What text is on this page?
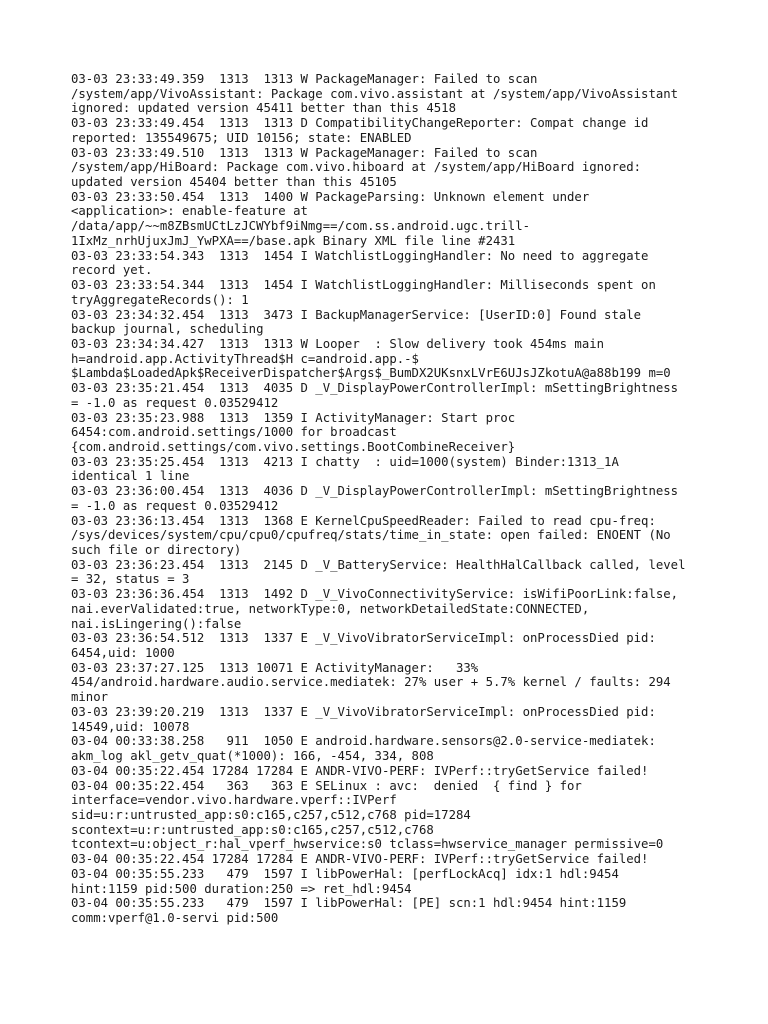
03-03 23:33:49.359  1313  1313 W PackageManager: Failed to scan
/system/app/VivoAssistant: Package com.vivo.assistant at /system/app/VivoAssistant
ignored: updated version 45411 better than this 4518
03-03 23:33:49.454  1313  1313 D CompatibilityChangeReporter: Compat change id
reported: 135549675; UID 10156; state: ENABLED
03-03 23:33:49.510  1313  1313 W PackageManager: Failed to scan
/system/app/HiBoard: Package com.vivo.hiboard at /system/app/HiBoard ignored:
updated version 45404 better than this 45105
03-03 23:33:50.454  1313  1400 W PackageParsing: Unknown element under
<application>: enable-feature at
/data/app/~~m8ZBsmUCtLzJCWYbf9iNmg==/com.ss.android.ugc.trill-
1IxMz_nrhUjuxJmJ_YwPXA==/base.apk Binary XML file line #2431
03-03 23:33:54.343  1313  1454 I WatchlistLoggingHandler: No need to aggregate
record yet.
03-03 23:33:54.344  1313  1454 I WatchlistLoggingHandler: Milliseconds spent on
tryAggregateRecords(): 1
03-03 23:34:32.454  1313  3473 I BackupManagerService: [UserID:0] Found stale
backup journal, scheduling
03-03 23:34:34.427  1313  1313 W Looper  : Slow delivery took 454ms main
h=android.app.ActivityThread$H c=android.app.-$
$Lambda$LoadedApk$ReceiverDispatcher$Args$_BumDX2UKsnxLVrE6UJsJZkotuA@a88b199 m=0
03-03 23:35:21.454  1313  4035 D _V_DisplayPowerControllerImpl: mSettingBrightness
= -1.0 as request 0.03529412
03-03 23:35:23.988  1313  1359 I ActivityManager: Start proc
6454:com.android.settings/1000 for broadcast
{com.android.settings/com.vivo.settings.BootCombineReceiver}
03-03 23:35:25.454  1313  4213 I chatty  : uid=1000(system) Binder:1313_1A
identical 1 line
03-03 23:36:00.454  1313  4036 D _V_DisplayPowerControllerImpl: mSettingBrightness
= -1.0 as request 0.03529412
03-03 23:36:13.454  1313  1368 E KernelCpuSpeedReader: Failed to read cpu-freq:
/sys/devices/system/cpu/cpu0/cpufreq/stats/time_in_state: open failed: ENOENT (No
such file or directory)
03-03 23:36:23.454  1313  2145 D _V_BatteryService: HealthHalCallback called, level
= 32, status = 3
03-03 23:36:36.454  1313  1492 D _V_VivoConnectivityService: isWifiPoorLink:false,
nai.everValidated:true, networkType:0, networkDetailedState:CONNECTED,
nai.isLingering():false
03-03 23:36:54.512  1313  1337 E _V_VivoVibratorServiceImpl: onProcessDied pid:
6454,uid: 1000
03-03 23:37:27.125  1313 10071 E ActivityManager:   33%
454/android.hardware.audio.service.mediatek: 27% user + 5.7% kernel / faults: 294
minor
03-03 23:39:20.219  1313  1337 E _V_VivoVibratorServiceImpl: onProcessDied pid:
14549,uid: 10078
03-04 00:33:38.258   911  1050 E android.hardware.sensors@2.0-service-mediatek:
akm_log akl_getv_quat(*1000): 166, -454, 334, 808
03-04 00:35:22.454 17284 17284 E ANDR-VIVO-PERF: IVPerf::tryGetService failed!
03-04 00:35:22.454   363   363 E SELinux : avc:  denied  { find } for
interface=vendor.vivo.hardware.vperf::IVPerf
sid=u:r:untrusted_app:s0:c165,c257,c512,c768 pid=17284
scontext=u:r:untrusted_app:s0:c165,c257,c512,c768
tcontext=u:object_r:hal_vperf_hwservice:s0 tclass=hwservice_manager permissive=0
03-04 00:35:22.454 17284 17284 E ANDR-VIVO-PERF: IVPerf::tryGetService failed!
03-04 00:35:55.233   479  1597 I libPowerHal: [perfLockAcq] idx:1 hdl:9454
hint:1159 pid:500 duration:250 => ret_hdl:9454
03-04 00:35:55.233   479  1597 I libPowerHal: [PE] scn:1 hdl:9454 hint:1159
comm:vperf@1.0-servi pid:500
